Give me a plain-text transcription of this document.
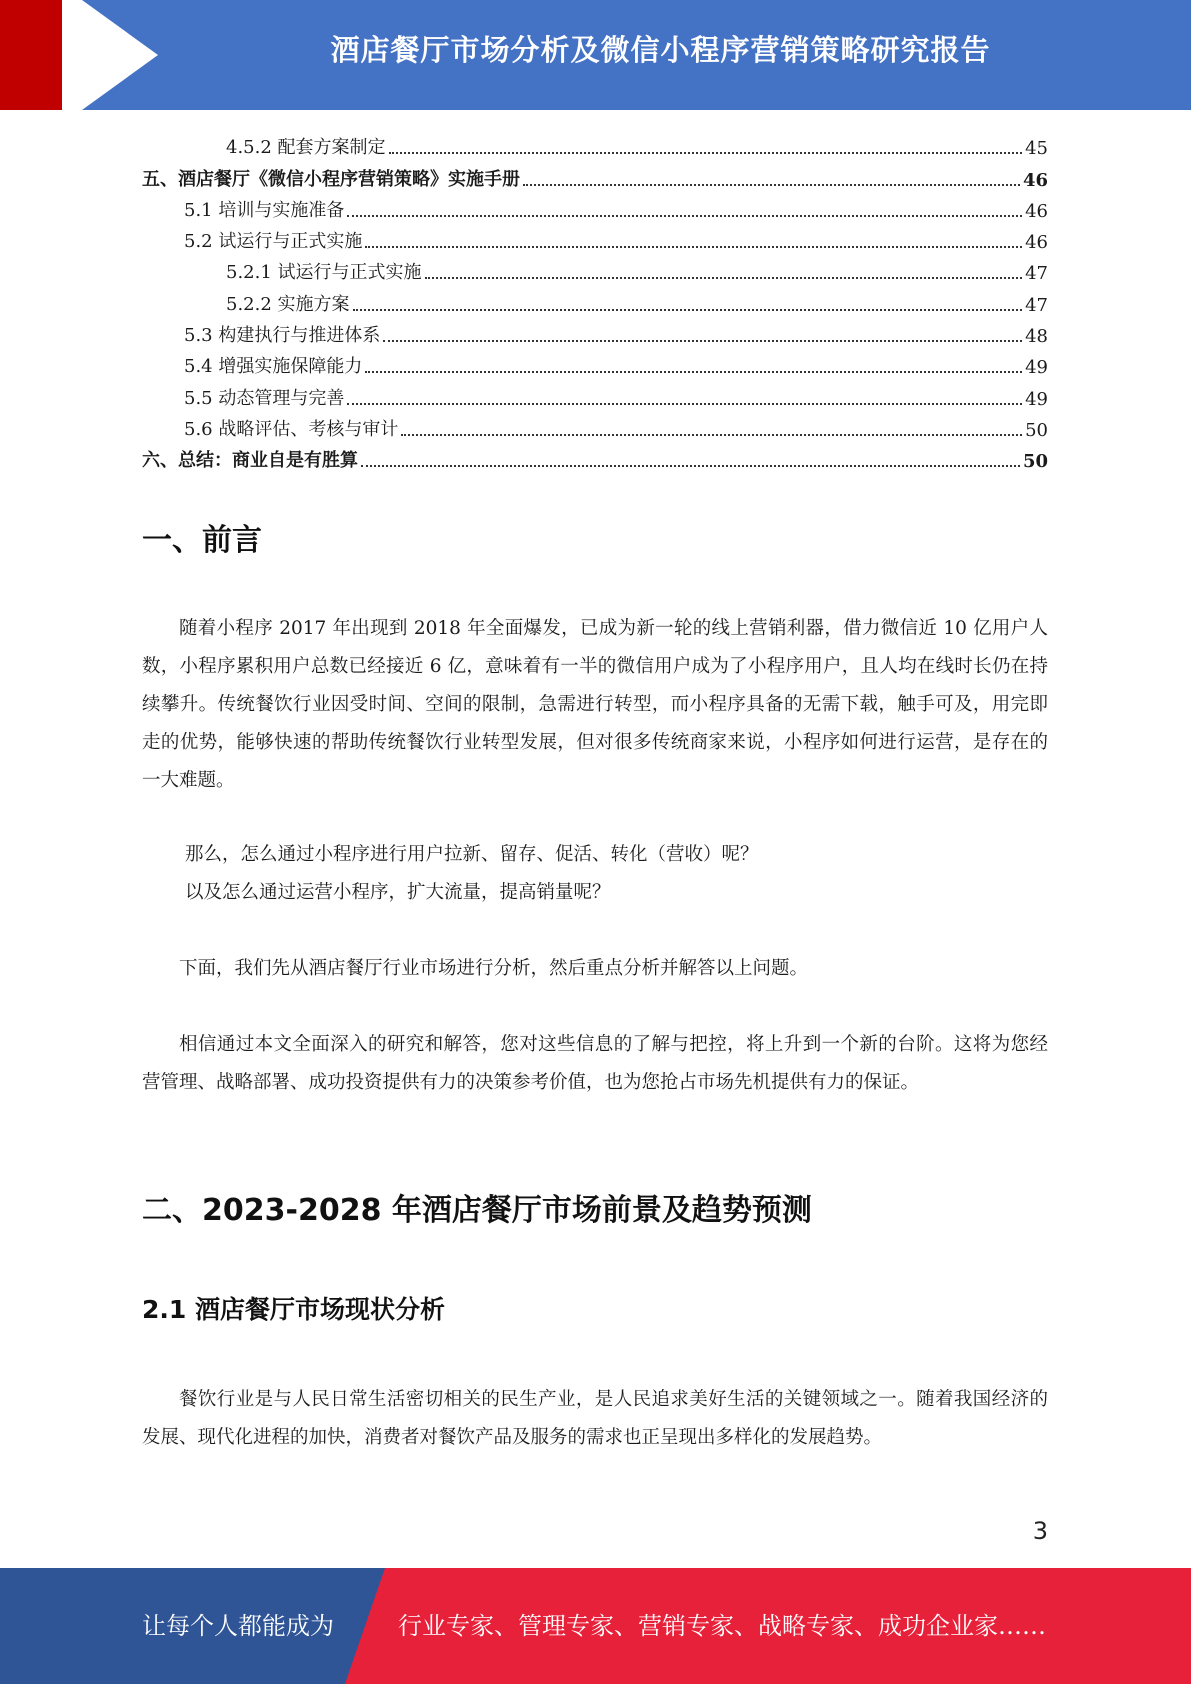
酒店餐厅市场分析及微信小程序营销策略研究报告
4.5.2 配套方案制定	45
五、酒店餐厅《微信小程序营销策略》实施手册	46
5.1 培训与实施准备	46
5.2 试运行与正式实施	46
5.2.1 试运行与正式实施	47
5.2.2 实施方案	47
5.3 构建执行与推进体系	48
5.4 增强实施保障能力	49
5.5 动态管理与完善	49
5.6 战略评估、考核与审计	50
六、总结：商业自是有胜算	50
一、前言

随着小程序 2017 年出现到 2018 年全面爆发，已成为新一轮的线上营销利器，借力微信近 10 亿用户人数，小程序累积用户总数已经接近 6 亿，意味着有一半的微信用户成为了小程序用户，且人均在线时长仍在持续攀升。传统餐饮行业因受时间、空间的限制，急需进行转型，而小程序具备的无需下载，触手可及，用完即走的优势，能够快速的帮助传统餐饮行业转型发展，但对很多传统商家来说，小程序如何进行运营，是存在的一大难题。

那么，怎么通过小程序进行用户拉新、留存、促活、转化（营收）呢？

以及怎么通过运营小程序，扩大流量，提高销量呢？

下面，我们先从酒店餐厅行业市场进行分析，然后重点分析并解答以上问题。

相信通过本文全面深入的研究和解答，您对这些信息的了解与把控，将上升到一个新的台阶。这将为您经营管理、战略部署、成功投资提供有力的决策参考价值，也为您抢占市场先机提供有力的保证。

二、2023-2028 年酒店餐厅市场前景及趋势预测
2.1 酒店餐厅市场现状分析

餐饮行业是与人民日常生活密切相关的民生产业，是人民追求美好生活的关键领域之一。随着我国经济的发展、现代化进程的加快，消费者对餐饮产品及服务的需求也正呈现出多样化的发展趋势。

3
让每个人都能成为	行业专家、管理专家、营销专家、战略专家、成功企业家……
